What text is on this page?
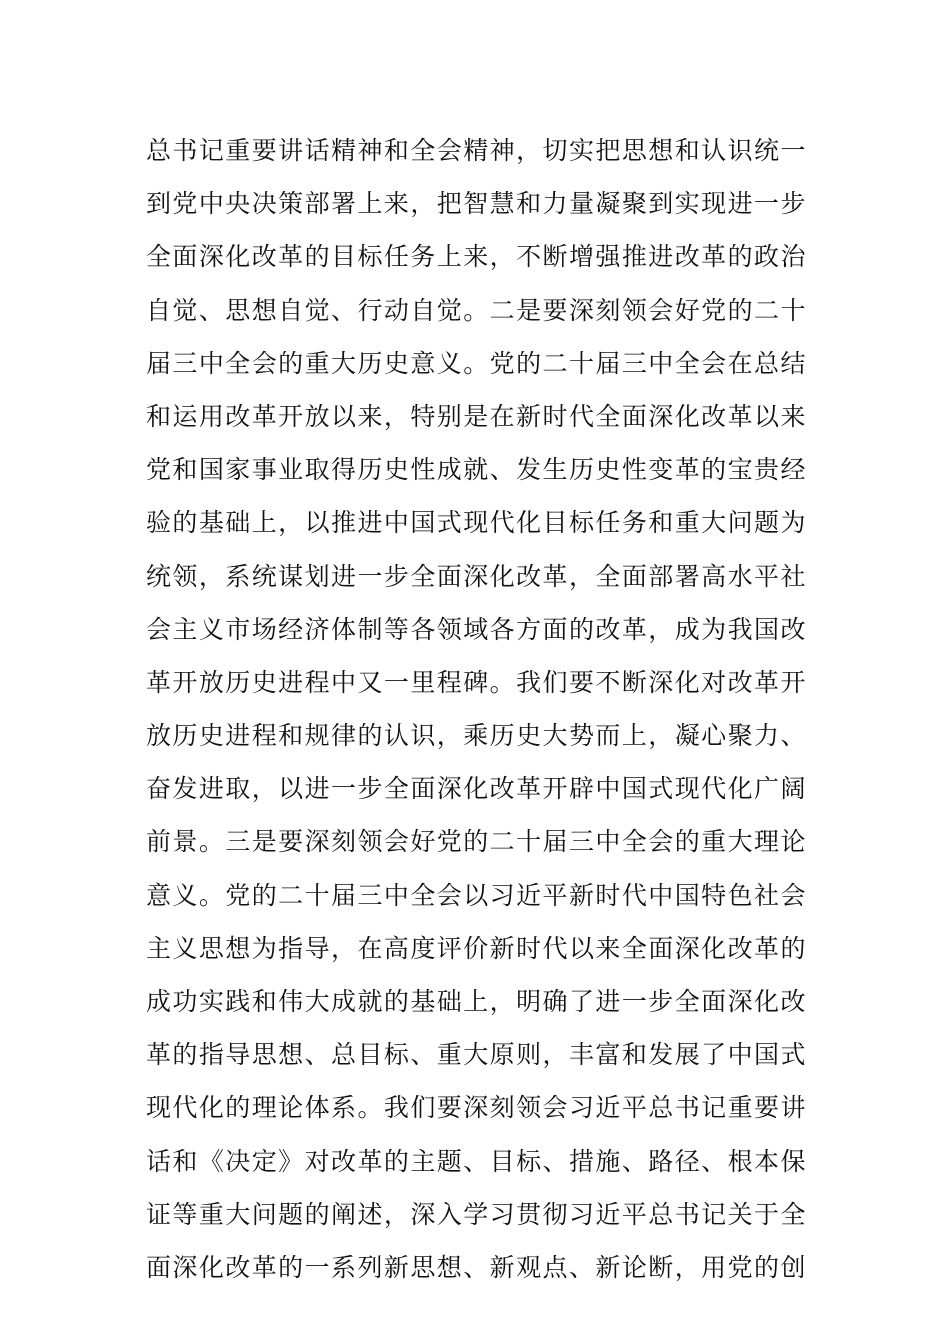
总书记重要讲话精神和全会精神，切实把思想和认识统一
到党中央决策部署上来，把智慧和力量凝聚到实现进一步
全面深化改革的目标任务上来，不断增强推进改革的政治
自觉、思想自觉、行动自觉。二是要深刻领会好党的二十
届三中全会的重大历史意义。党的二十届三中全会在总结
和运用改革开放以来，特别是在新时代全面深化改革以来
党和国家事业取得历史性成就、发生历史性变革的宝贵经
验的基础上，以推进中国式现代化目标任务和重大问题为
统领，系统谋划进一步全面深化改革，全面部署高水平社
会主义市场经济体制等各领域各方面的改革，成为我国改
革开放历史进程中又一里程碑。我们要不断深化对改革开
放历史进程和规律的认识，乘历史大势而上，凝心聚力、
奋发进取，以进一步全面深化改革开辟中国式现代化广阔
前景。三是要深刻领会好党的二十届三中全会的重大理论
意义。党的二十届三中全会以习近平新时代中国特色社会
主义思想为指导，在高度评价新时代以来全面深化改革的
成功实践和伟大成就的基础上，明确了进一步全面深化改
革的指导思想、总目标、重大原则，丰富和发展了中国式
现代化的理论体系。我们要深刻领会习近平总书记重要讲
话和《决定》对改革的主题、目标、措施、路径、根本保
证等重大问题的阐述，深入学习贯彻习近平总书记关于全
面深化改革的一系列新思想、新观点、新论断，用党的创
